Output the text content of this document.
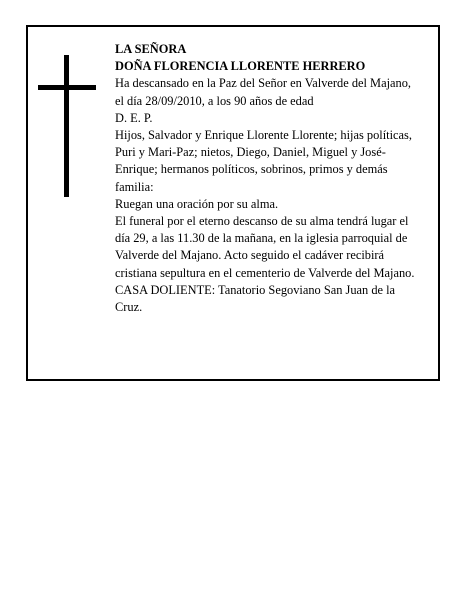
LA SEÑORA
DOÑA FLORENCIA LLORENTE HERRERO
Ha descansado en la Paz del Señor en Valverde del Majano, el día 28/09/2010, a los 90 años de edad
D. E. P.
Hijos, Salvador y Enrique Llorente Llorente; hijas políticas, Puri y Mari-Paz; nietos, Diego, Daniel, Miguel y José-Enrique; hermanos políticos, sobrinos, primos y demás familia:
Ruegan una oración por su alma.
El funeral por el eterno descanso de su alma tendrá lugar el día 29, a las 11.30 de la mañana, en la iglesia parroquial de Valverde del Majano. Acto seguido el cadáver recibirá cristiana sepultura en el cementerio de Valverde del Majano.
CASA DOLIENTE: Tanatorio Segoviano San Juan de la Cruz.
